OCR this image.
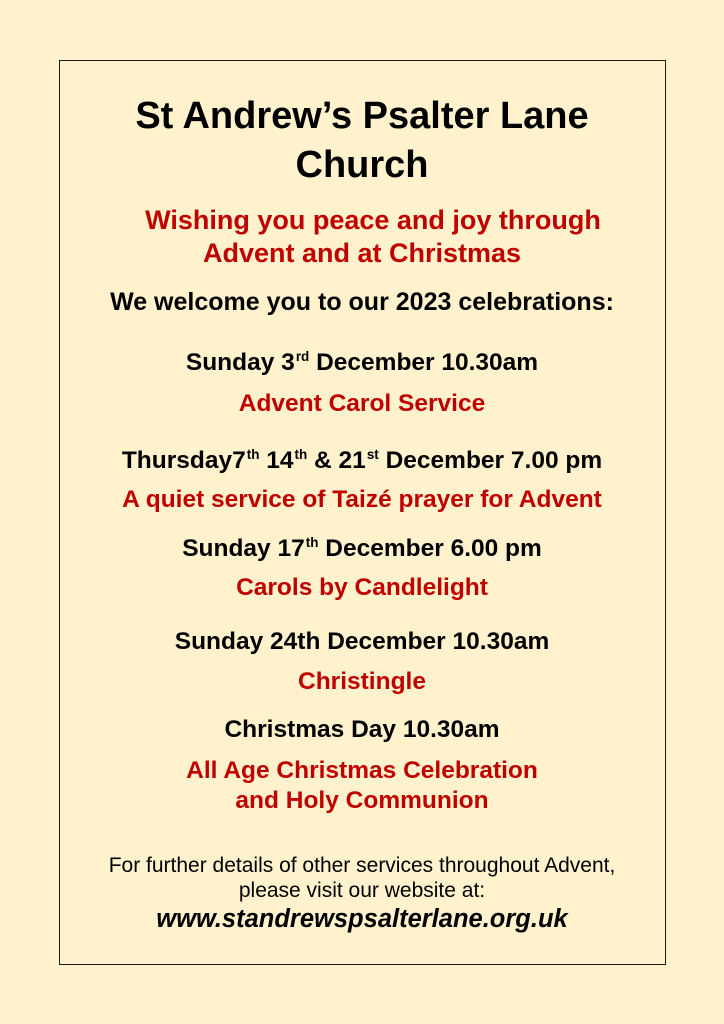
St Andrew’s Psalter Lane
Church
Wishing you peace and joy through
Advent and at Christmas
We welcome you to our 2023 celebrations:
Sunday 3rd December 10.30am
Advent Carol Service
Thursday7th 14th & 21st December 7.00 pm
A quiet service of Taizé prayer for Advent
Sunday 17th December 6.00 pm
Carols by Candlelight
Sunday 24th December 10.30am
Christingle
Christmas Day 10.30am
All Age Christmas Celebration
and Holy Communion
For further details of other services throughout Advent,
please visit our website at:
www.standrewspsalterlane.org.uk
